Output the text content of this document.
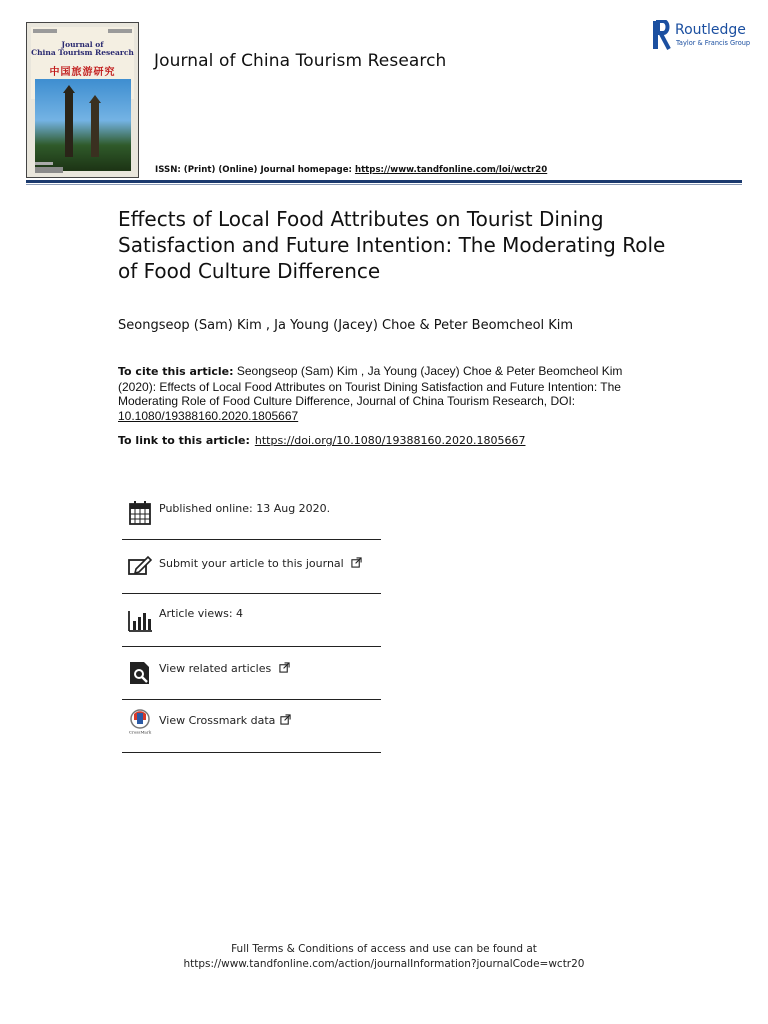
Journal of
China Tourism Research
中国旅游研究
Journal of China Tourism Research
ISSN: (Print) (Online) Journal homepage: https://www.tandfonline.com/loi/wctr20
Routledge
Taylor & Francis Group
Effects of Local Food Attributes on Tourist Dining Satisfaction and Future Intention: The Moderating Role of Food Culture Difference
Seongseop (Sam) Kim , Ja Young (Jacey) Choe & Peter Beomcheol Kim
To cite this article: Seongseop (Sam) Kim , Ja Young (Jacey) Choe & Peter Beomcheol Kim (2020): Effects of Local Food Attributes on Tourist Dining Satisfaction and Future Intention: The Moderating Role of Food Culture Difference, Journal of China Tourism Research, DOI: 10.1080/19388160.2020.1805667
To link to this article: https://doi.org/10.1080/19388160.2020.1805667
Published online: 13 Aug 2020.
Submit your article to this journal
Article views: 4
View related articles
CrossMark
View Crossmark data
Full Terms & Conditions of access and use can be found at
https://www.tandfonline.com/action/journalInformation?journalCode=wctr20
